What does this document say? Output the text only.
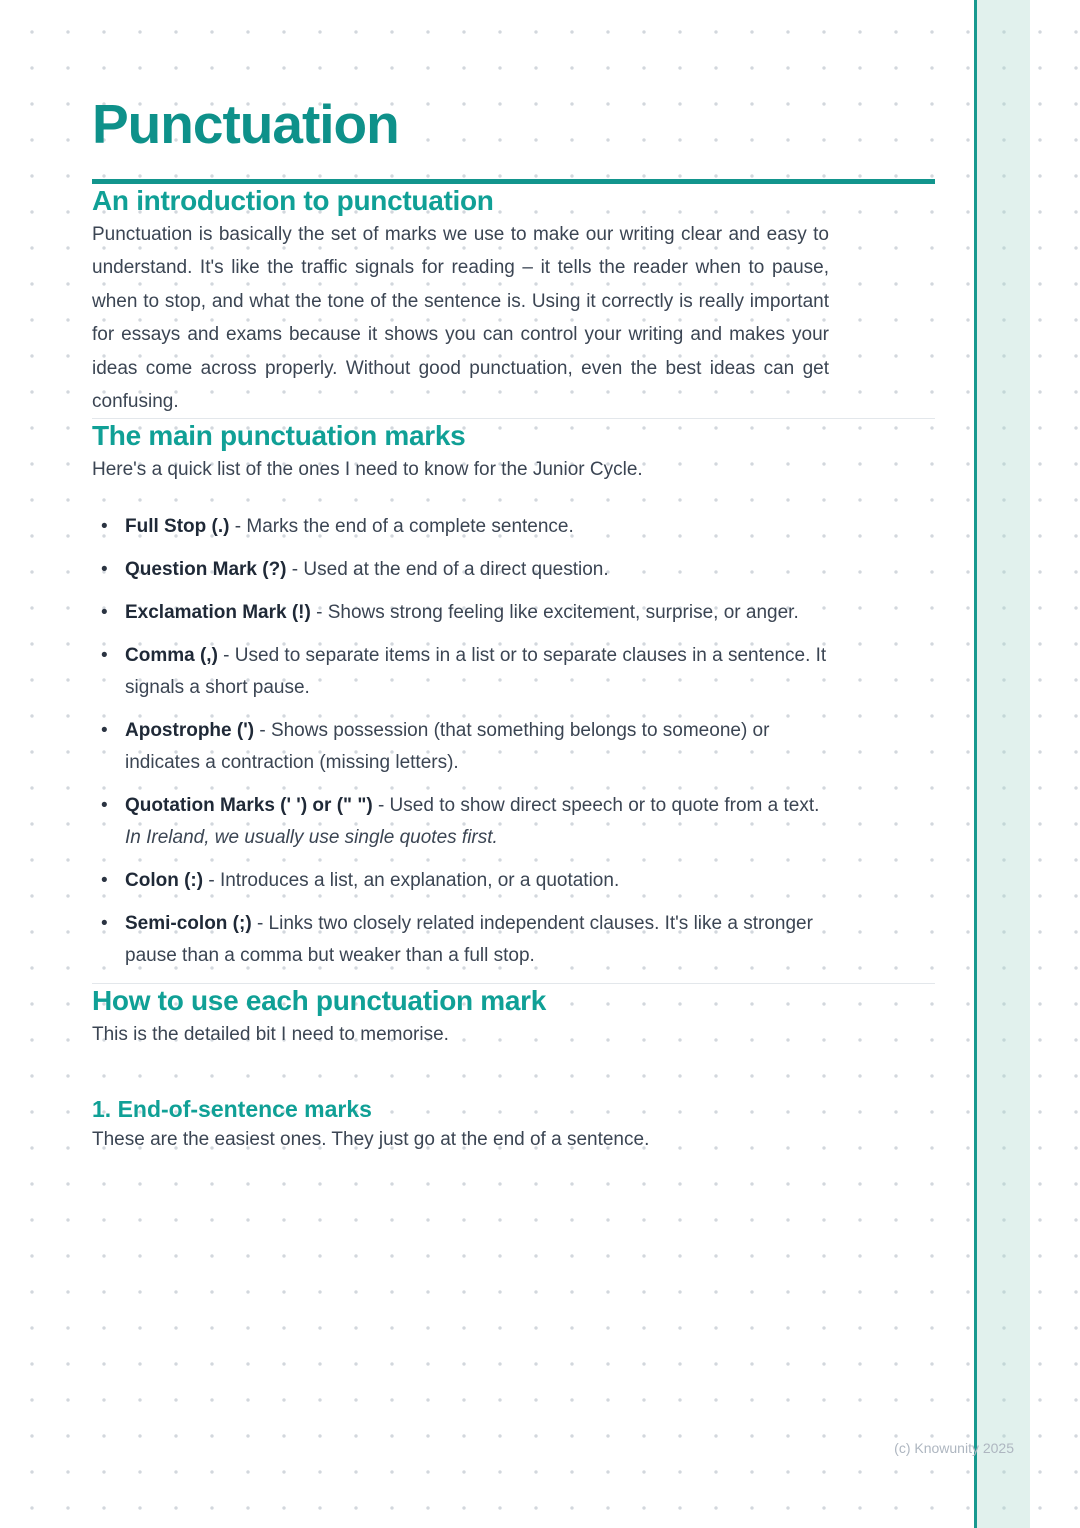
Punctuation
An introduction to punctuation

Punctuation is basically the set of marks we use to make our writing clear and easy to understand. It's like the traffic signals for reading – it tells the reader when to pause, when to stop, and what the tone of the sentence is. Using it correctly is really important for essays and exams because it shows you can control your writing and makes your ideas come across properly. Without good punctuation, even the best ideas can get confusing.

The main punctuation marks

Here's a quick list of the ones I need to know for the Junior Cycle.

• Full Stop (.) - Marks the end of a complete sentence.
• Question Mark (?) - Used at the end of a direct question.
• Exclamation Mark (!) - Shows strong feeling like excitement, surprise, or anger.
• Comma (,) - Used to separate items in a list or to separate clauses in a sentence. It signals a short pause.
• Apostrophe (') - Shows possession (that something belongs to someone) or indicates a contraction (missing letters).
• Quotation Marks (' ') or (" ") - Used to show direct speech or to quote from a text. In Ireland, we usually use single quotes first.
• Colon (:) - Introduces a list, an explanation, or a quotation.
• Semi-colon (;) - Links two closely related independent clauses. It's like a stronger pause than a comma but weaker than a full stop.
How to use each punctuation mark

This is the detailed bit I need to memorise.

1. End-of-sentence marks

These are the easiest ones. They just go at the end of a sentence.

(c) Knowunity 2025
